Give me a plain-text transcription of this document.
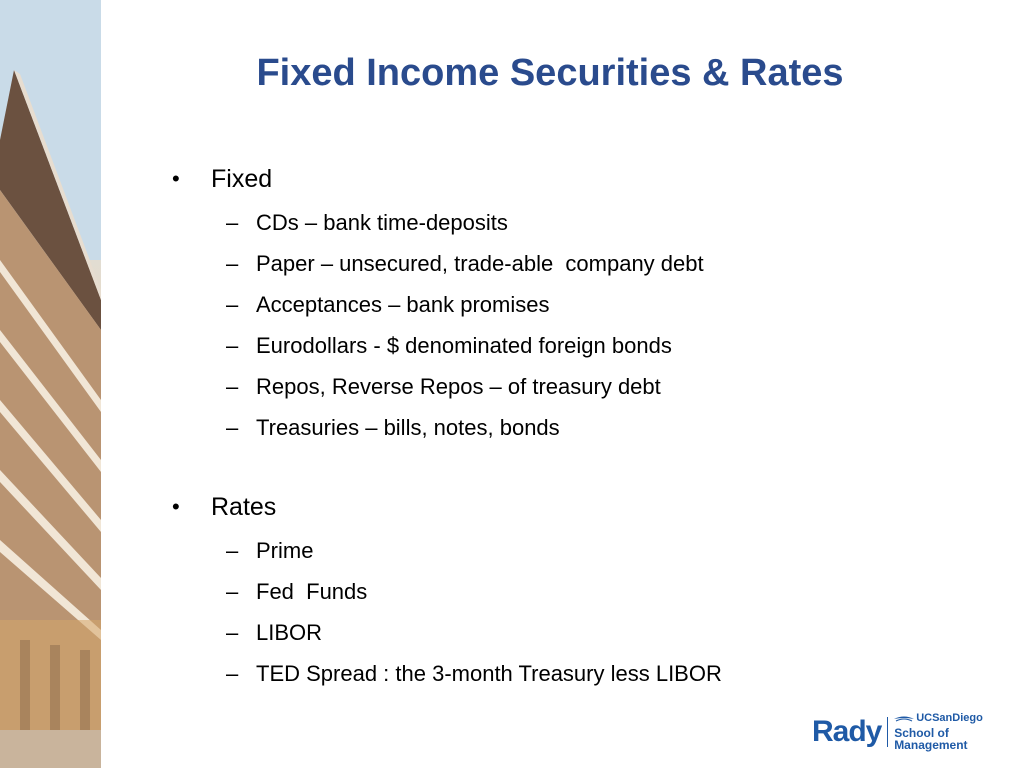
Fixed Income Securities & Rates
•	Fixed
– CDs – bank time-deposits
– Paper – unsecured, trade-able  company debt
– Acceptances – bank promises
– Eurodollars - $ denominated foreign bonds
– Repos, Reverse Repos – of treasury debt
– Treasuries – bills, notes, bonds
•	Rates
– Prime
– Fed  Funds
– LIBOR
– TED Spread : the 3-month Treasury less LIBOR
Rady	UCSanDiego
School of Management
